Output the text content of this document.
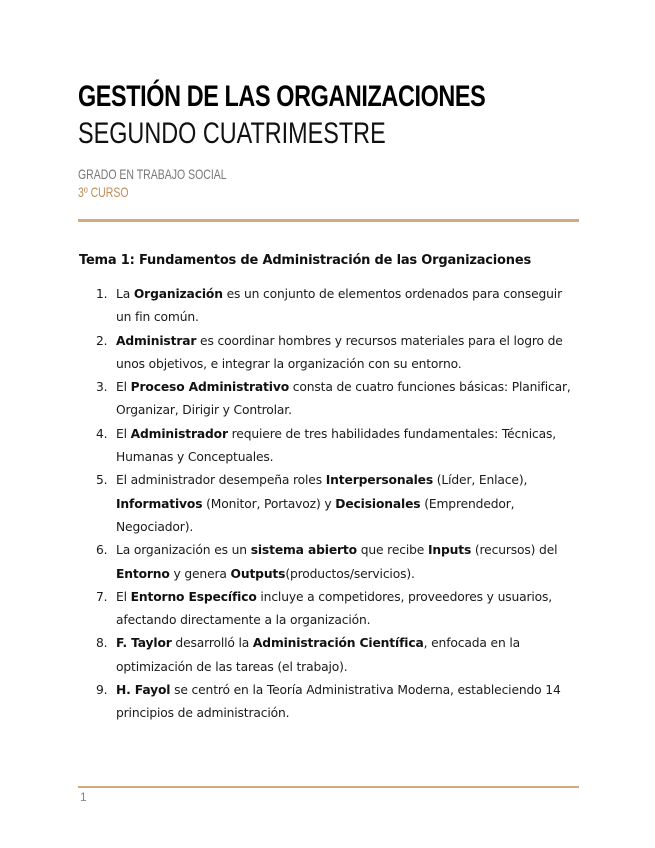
GESTIÓN DE LAS ORGANIZACIONES
SEGUNDO CUATRIMESTRE
GRADO EN TRABAJO SOCIAL
3º CURSO
Tema 1: Fundamentos de Administración de las Organizaciones
1. La Organización es un conjunto de elementos ordenados para conseguir un fin común.
2. Administrar es coordinar hombres y recursos materiales para el logro de unos objetivos, e integrar la organización con su entorno.
3. El Proceso Administrativo consta de cuatro funciones básicas: Planificar, Organizar, Dirigir y Controlar.
4. El Administrador requiere de tres habilidades fundamentales: Técnicas, Humanas y Conceptuales.
5. El administrador desempeña roles Interpersonales (Líder, Enlace), Informativos (Monitor, Portavoz) y Decisionales (Emprendedor, Negociador).
6. La organización es un sistema abierto que recibe Inputs (recursos) del Entorno y genera Outputs(productos/servicios).
7. El Entorno Específico incluye a competidores, proveedores y usuarios, afectando directamente a la organización.
8. F. Taylor desarrolló la Administración Científica, enfocada en la optimización de las tareas (el trabajo).
9. H. Fayol se centró en la Teoría Administrativa Moderna, estableciendo 14 principios de administración.
1
